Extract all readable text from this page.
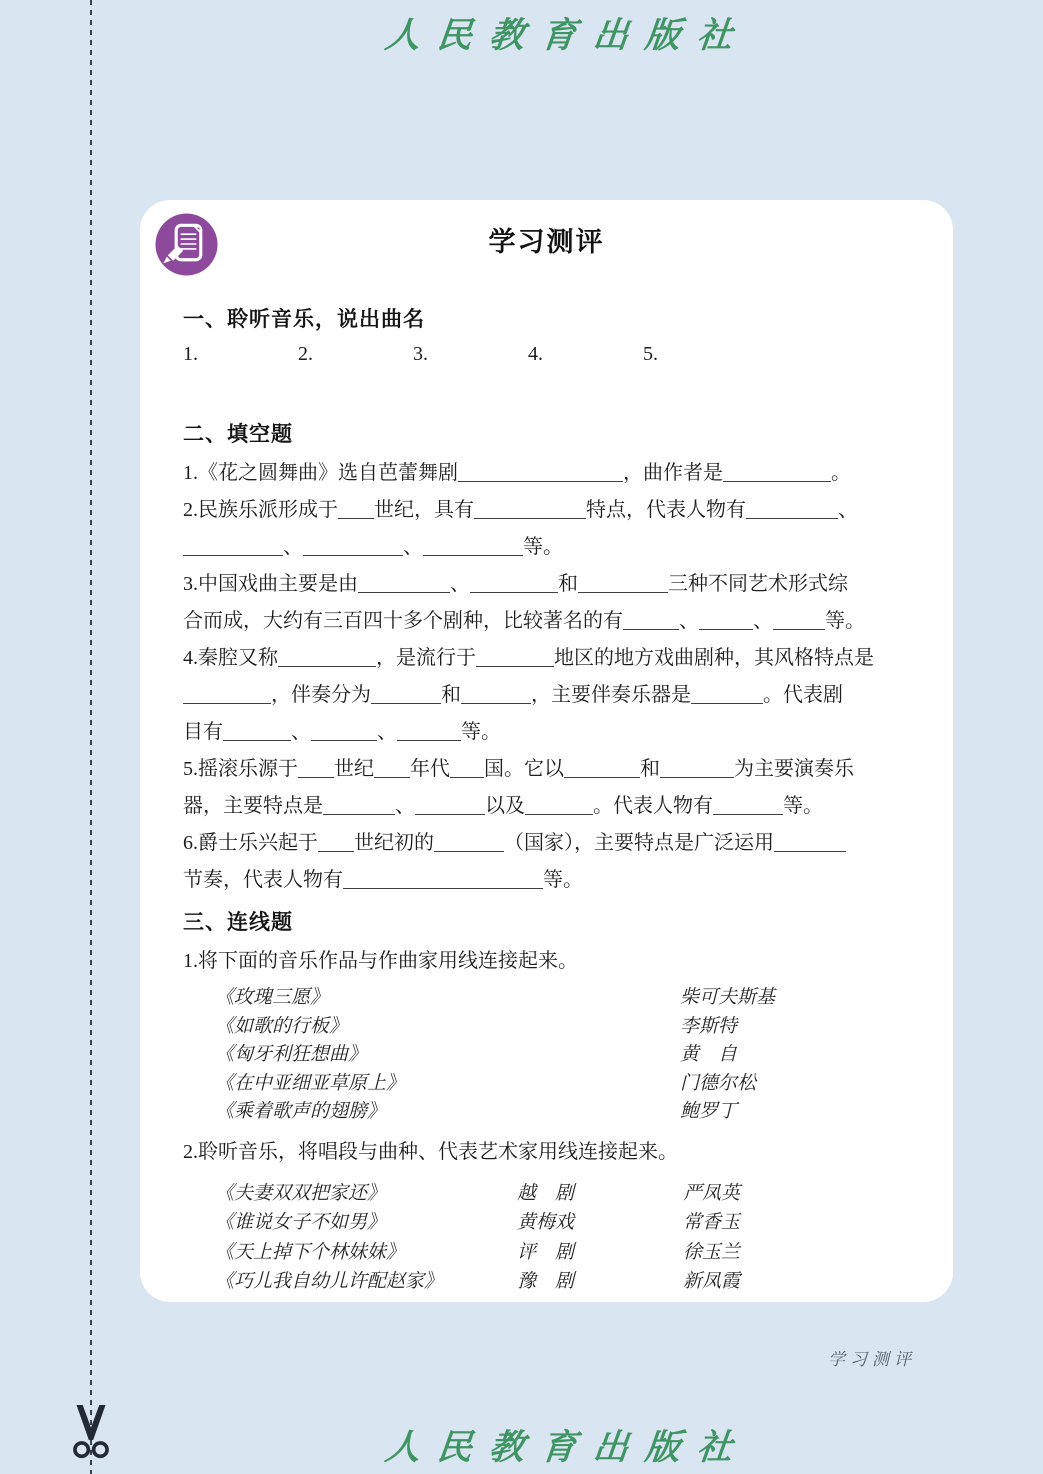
人民教育出版社
学习测评
一、聆听音乐，说出曲名
1.	2.	3.	4.	5.
二、填空题
1.《花之圆舞曲》选自芭蕾舞剧	，曲作者是	。
2.民族乐派形成于 世纪，具有	特点，代表人物有	、
、	、	等。
3.中国戏曲主要是由	、	和	三种不同艺术形式综
合而成，大约有三百四十多个剧种，比较著名的有	、	、	等。
4.秦腔又称	，是流行于	地区的地方戏曲剧种，其风格特点是
，伴奏分为	和	，主要伴奏乐器是	。代表剧
目有	、	、	等。
5.摇滚乐源于 世纪 年代 国。它以	和	为主要演奏乐
器，主要特点是	、	以及	。代表人物有	等。
6.爵士乐兴起于 世纪初的	（国家），主要特点是广泛运用
节奏，代表人物有	等。
三、连线题
1.将下面的音乐作品与作曲家用线连接起来。
《玫瑰三愿》	柴可夫斯基
《如歌的行板》	李斯特
《匈牙利狂想曲》	黄　自
《在中亚细亚草原上》	门德尔松
《乘着歌声的翅膀》	鲍罗丁
2.聆听音乐，将唱段与曲种、代表艺术家用线连接起来。
《夫妻双双把家还》	越　剧	严凤英
《谁说女子不如男》	黄梅戏	常香玉
《天上掉下个林妹妹》	评　剧	徐玉兰
《巧儿我自幼儿许配赵家》	豫　剧	新凤霞
学习测评
人民教育出版社
